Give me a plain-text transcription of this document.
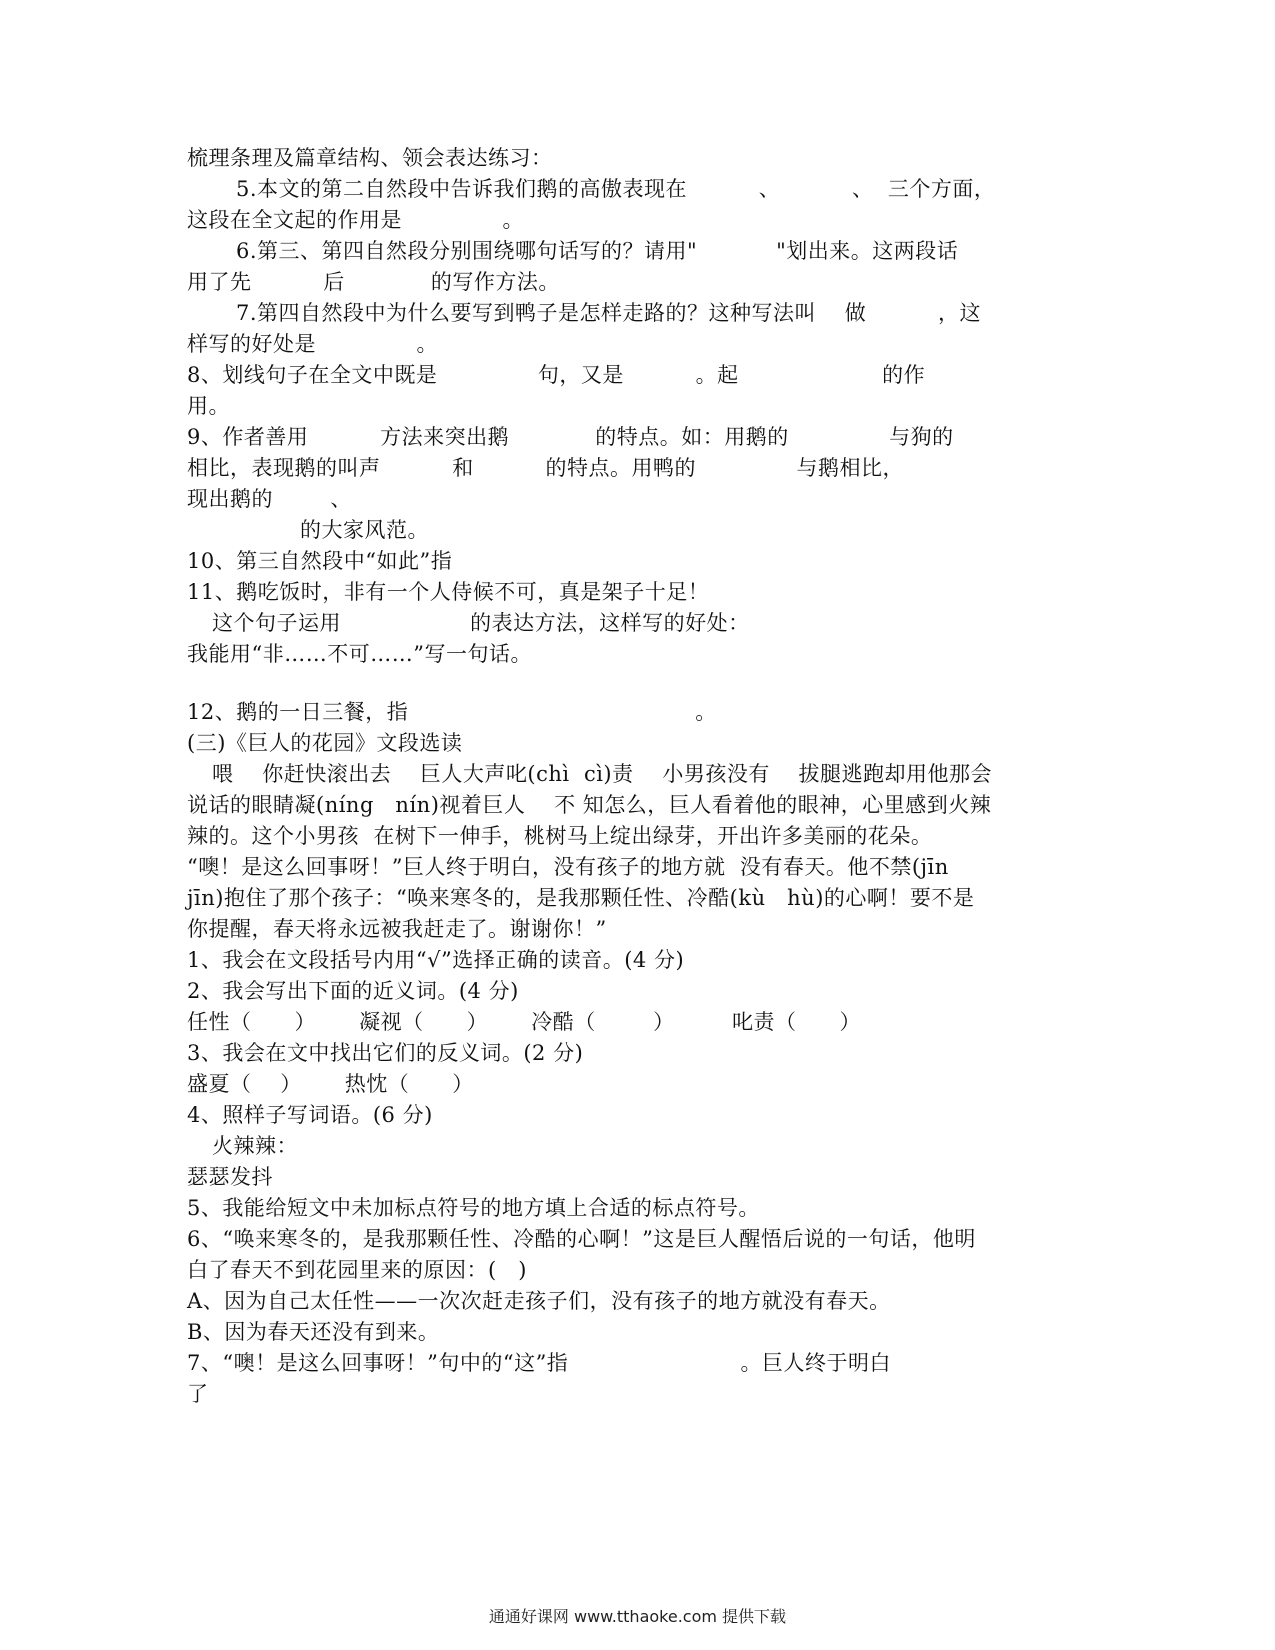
梳理条理及篇章结构、领会表达练习：
5.本文的第二自然段中告诉我们鹅的高傲表现在          、          、  三个方面，
这段在全文起的作用是              。
6.第三、第四自然段分别围绕哪句话写的？请用"           "划出来。这两段话
用了先          后            的写作方法。
7.第四自然段中为什么要写到鸭子是怎样走路的？这种写法叫    做          ，这
样写的好处是              。
8、划线句子在全文中既是              句，又是          。起                    的作
用。
9、作者善用          方法来突出鹅            的特点。如：用鹅的              与狗的
相比，表现鹅的叫声          和          的特点。用鸭的              与鹅相比，
现出鹅的        、
的大家风范。
10、第三自然段中“如此”指
11、鹅吃饭时，非有一个人侍候不可，真是架子十足！
这个句子运用                  的表达方法，这样写的好处：
我能用“非……不可……”写一句话。
12、鹅的一日三餐，指                                        。
(三)《巨人的花园》文段选读
喂    你赶快滚出去    巨人大声叱(chì  cì)责    小男孩没有    拔腿逃跑却用他那会
说话的眼睛凝(níng   nín)视着巨人    不 知怎么，巨人看着他的眼神，心里感到火辣
辣的。这个小男孩  在树下一伸手，桃树马上绽出绿芽，开出许多美丽的花朵。
“噢！是这么回事呀！”巨人终于明白，没有孩子的地方就  没有春天。他不禁(jīn
jīn)抱住了那个孩子：“唤来寒冬的，是我那颗任性、冷酷(kù   hù)的心啊！要不是
你提醒，春天将永远被我赶走了。谢谢你！”
1、我会在文段括号内用“√”选择正确的读音。(4 分)
2、我会写出下面的近义词。(4 分)
任性（      ）      凝视（      ）      冷酷（        ）        叱责（      ）
3、我会在文中找出它们的反义词。(2 分)
盛夏（    ）      热忱（      ）
4、照样子写词语。(6 分)
火辣辣：
瑟瑟发抖
5、我能给短文中未加标点符号的地方填上合适的标点符号。
6、“唤来寒冬的，是我那颗任性、冷酷的心啊！”这是巨人醒悟后说的一句话，他明
白了春天不到花园里来的原因：(   )
A、因为自己太任性——一次次赶走孩子们，没有孩子的地方就没有春天。
B、因为春天还没有到来。
7、“噢！是这么回事呀！”句中的“这”指                        。巨人终于明白
了
通通好课网 www.tthaoke.com 提供下载
